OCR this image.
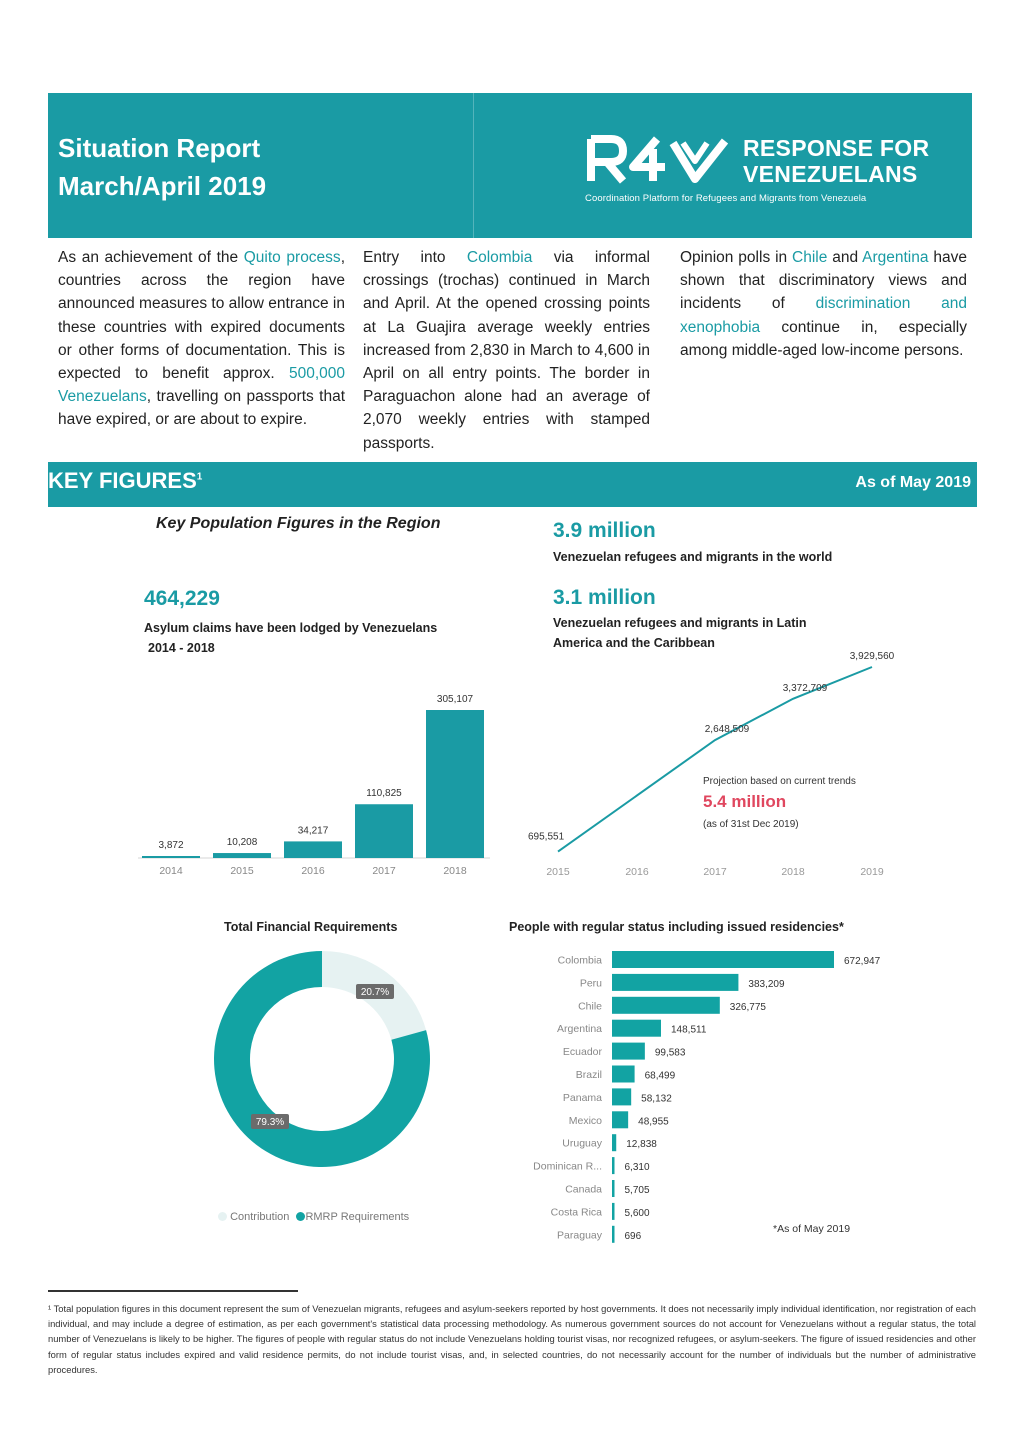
Situation Report
March/April 2019
RESPONSE FOR
VENEZUELANS
Coordination Platform for Refugees and Migrants from Venezuela
As an achievement of the Quito process, countries across the region have announced measures to allow entrance in these countries with expired documents or other forms of documentation. This is expected to benefit approx. 500,000 Venezuelans, travelling on passports that have expired, or are about to expire.
Entry into Colombia via informal crossings (trochas) continued in March and April. At the opened crossing points at La Guajira average weekly entries increased from 2,830 in March to 4,600 in April on all entry points. The border in Paraguachon alone had an average of 2,070 weekly entries with stamped passports.
Opinion polls in Chile and Argentina have shown that discriminatory views and incidents of discrimination and xenophobia continue in, especially among middle-aged low-income persons.
KEY FIGURES$^1$	As of May 2019
Key Population Figures in the Region
464,229
Asylum claims have been lodged by Venezuelans
2014 - 2018
3,872
2014
10,208
2015
34,217
2016
110,825
2017
305,107
2018
3.9 million
Venezuelan refugees and migrants in the world
3.1 million
Venezuelan refugees and migrants in Latin
America and the Caribbean
695,551
2015	2016
2,648,509
2017
3,372,709
2018
3,929,560
2019
Projection based on current trends
5.4 million
(as of 31st Dec 2019)
Total Financial Requirements
20.7%
79.3%
Contribution RMRP Requirements
People with regular status including issued residencies*
Colombia	672,947
Peru	383,209
Chile	326,775
Argentina	148,511
Ecuador	99,583
Brazil	68,499
Panama	58,132
Mexico	48,955
Uruguay 12,838
Dominican R... 6,310
Canada 5,705
Costa Rica 5,600
Paraguay 696
*As of May 2019
¹ Total population figures in this document represent the sum of Venezuelan migrants, refugees and asylum-seekers reported by host governments. It does not necessarily imply individual identification, nor registration of each individual, and may include a degree of estimation, as per each government's statistical data processing methodology. As numerous government sources do not account for Venezuelans without a regular status, the total number of Venezuelans is likely to be higher. The figures of people with regular status do not include Venezuelans holding tourist visas, nor recognized refugees, or asylum-seekers. The figure of issued residencies and other form of regular status includes expired and valid residence permits, do not include tourist visas, and, in selected countries, do not necessarily account for the number of individuals but the number of administrative procedures.
